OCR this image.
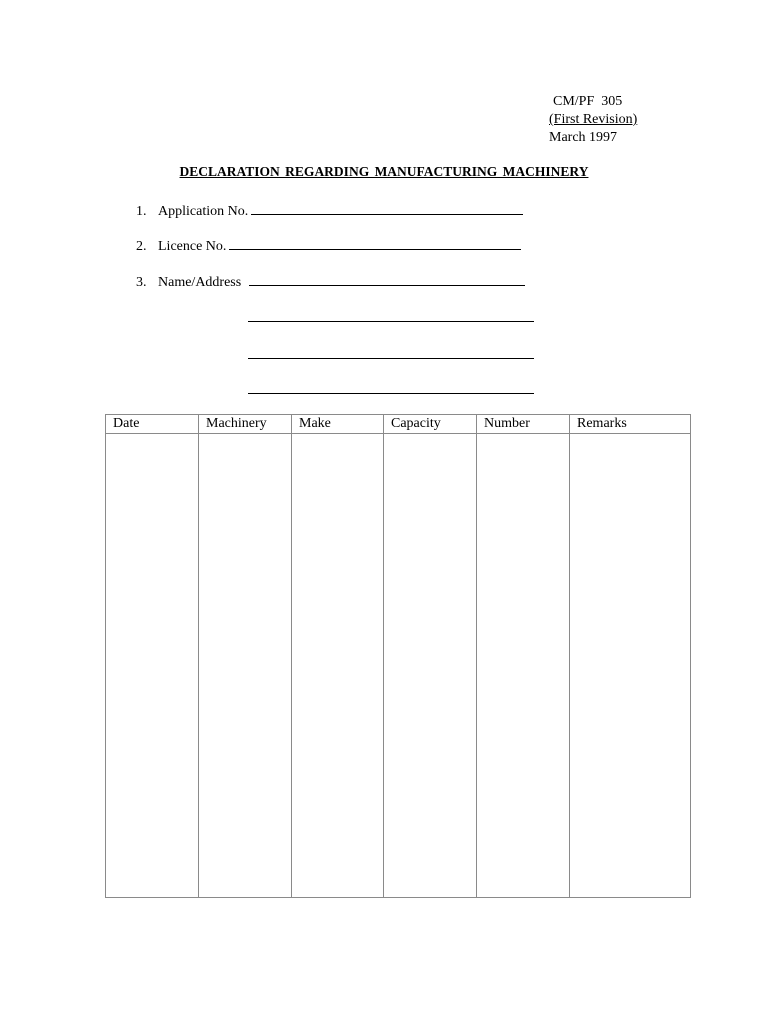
CM/PF  305
(First Revision)
March 1997
DECLARATION REGARDING MANUFACTURING MACHINERY
1. Application No.
2. Licence No.
3. Name/Address
Date	Machinery	Make	Capacity	Number	Remarks
